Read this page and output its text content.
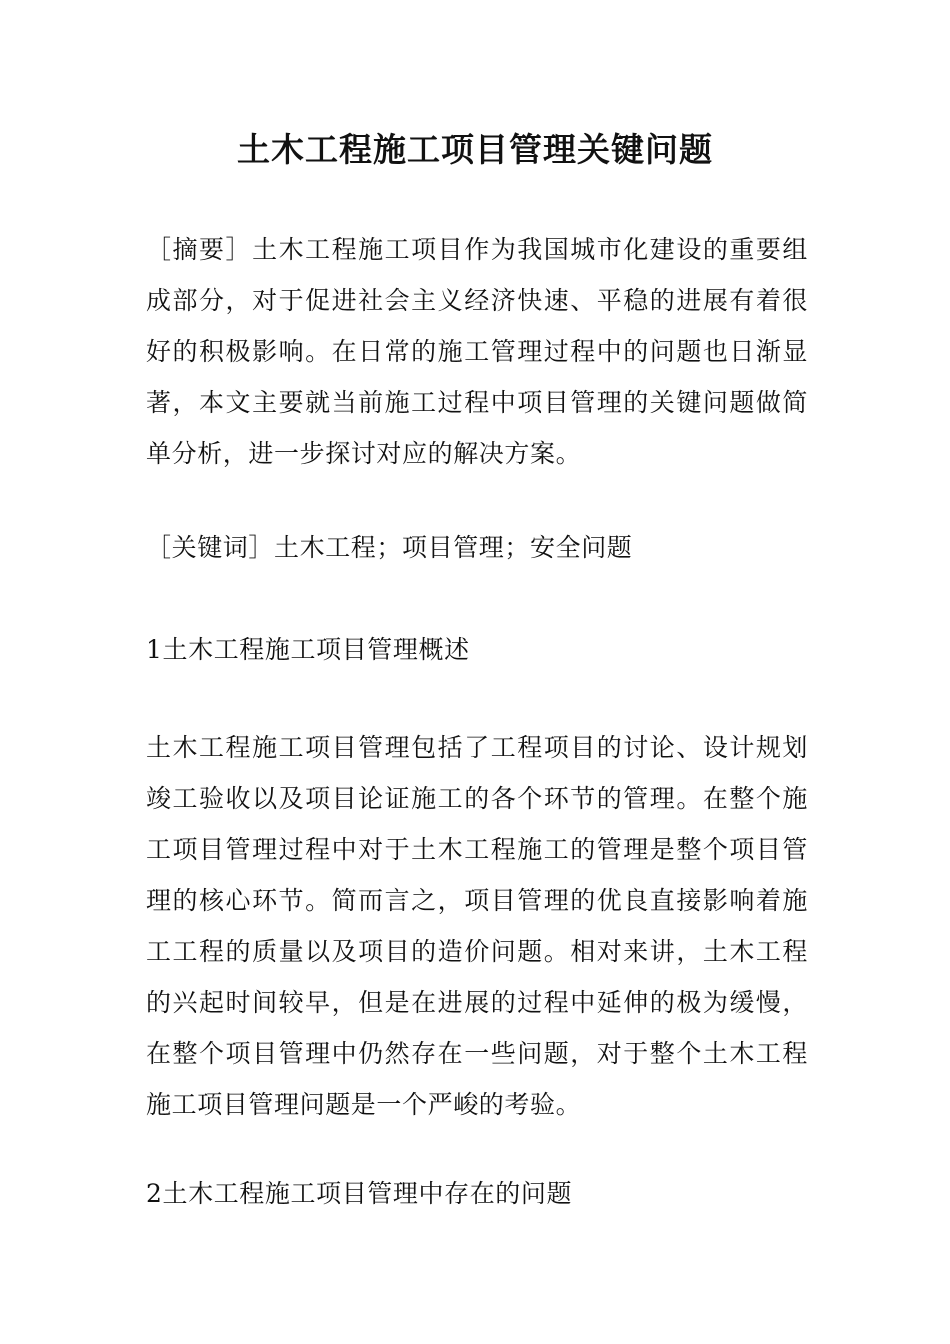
土木工程施工项目管理关键问题

［摘要］土木工程施工项目作为我国城市化建设的重要组成部分，对于促进社会主义经济快速、平稳的进展有着很好的积极影响。在日常的施工管理过程中的问题也日渐显著，本文主要就当前施工过程中项目管理的关键问题做简单分析，进一步探讨对应的解决方案。

［关键词］土木工程；项目管理；安全问题

1土木工程施工项目管理概述

土木工程施工项目管理包括了工程项目的讨论、设计规划竣工验收以及项目论证施工的各个环节的管理。在整个施工项目管理过程中对于土木工程施工的管理是整个项目管理的核心环节。简而言之，项目管理的优良直接影响着施工工程的质量以及项目的造价问题。相对来讲，土木工程的兴起时间较早，但是在进展的过程中延伸的极为缓慢，在整个项目管理中仍然存在一些问题，对于整个土木工程施工项目管理问题是一个严峻的考验。

2土木工程施工项目管理中存在的问题
